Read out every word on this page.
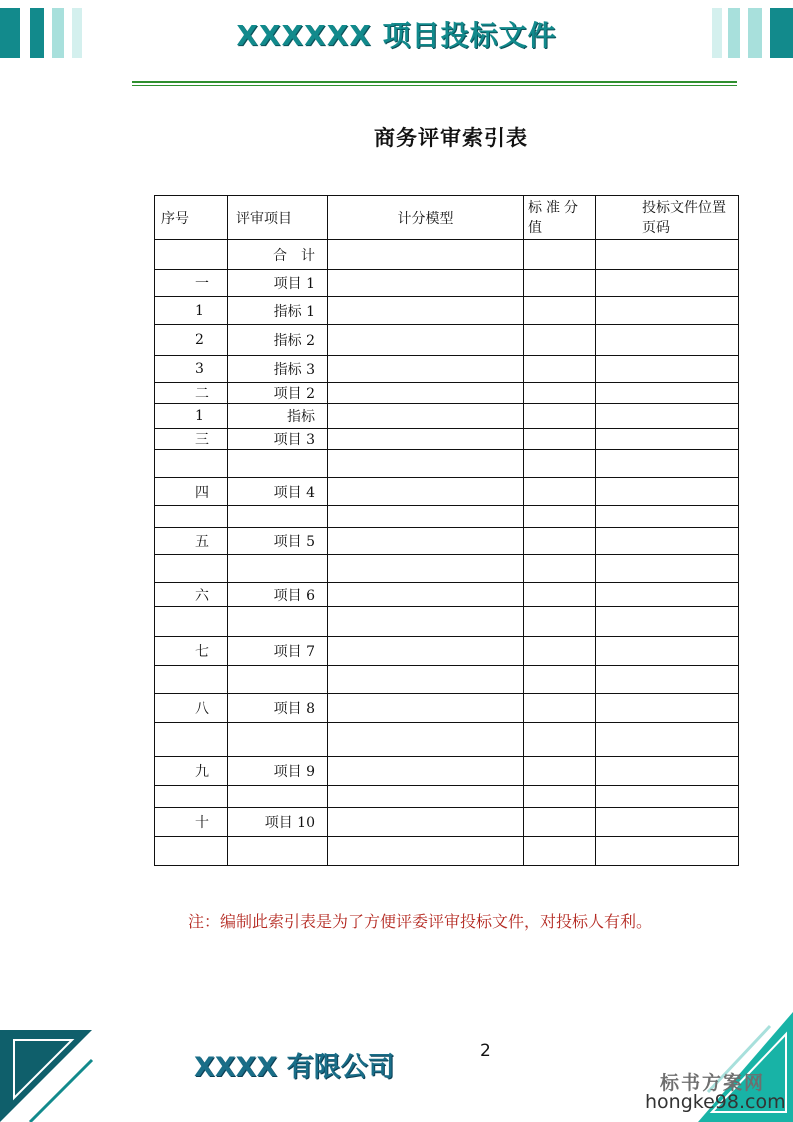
XXXXXX 项目投标文件
商务评审索引表
序号	评审项目	计分模型	标准分值	投标文件位置页码
	合　计			
一	项目 1			
1	指标 1			
2	指标 2			
3	指标 3			
二	项目 2			
1	指标			
三	项目 3			

四	项目 4			

五	项目 5			

六	项目 6			

七	项目 7			

八	项目 8			

九	项目 9			

十	项目 10			

注：编制此索引表是为了方便评委评审投标文件，对投标人有利。
2
XXXX 有限公司	标书方案网
hongke98.com
